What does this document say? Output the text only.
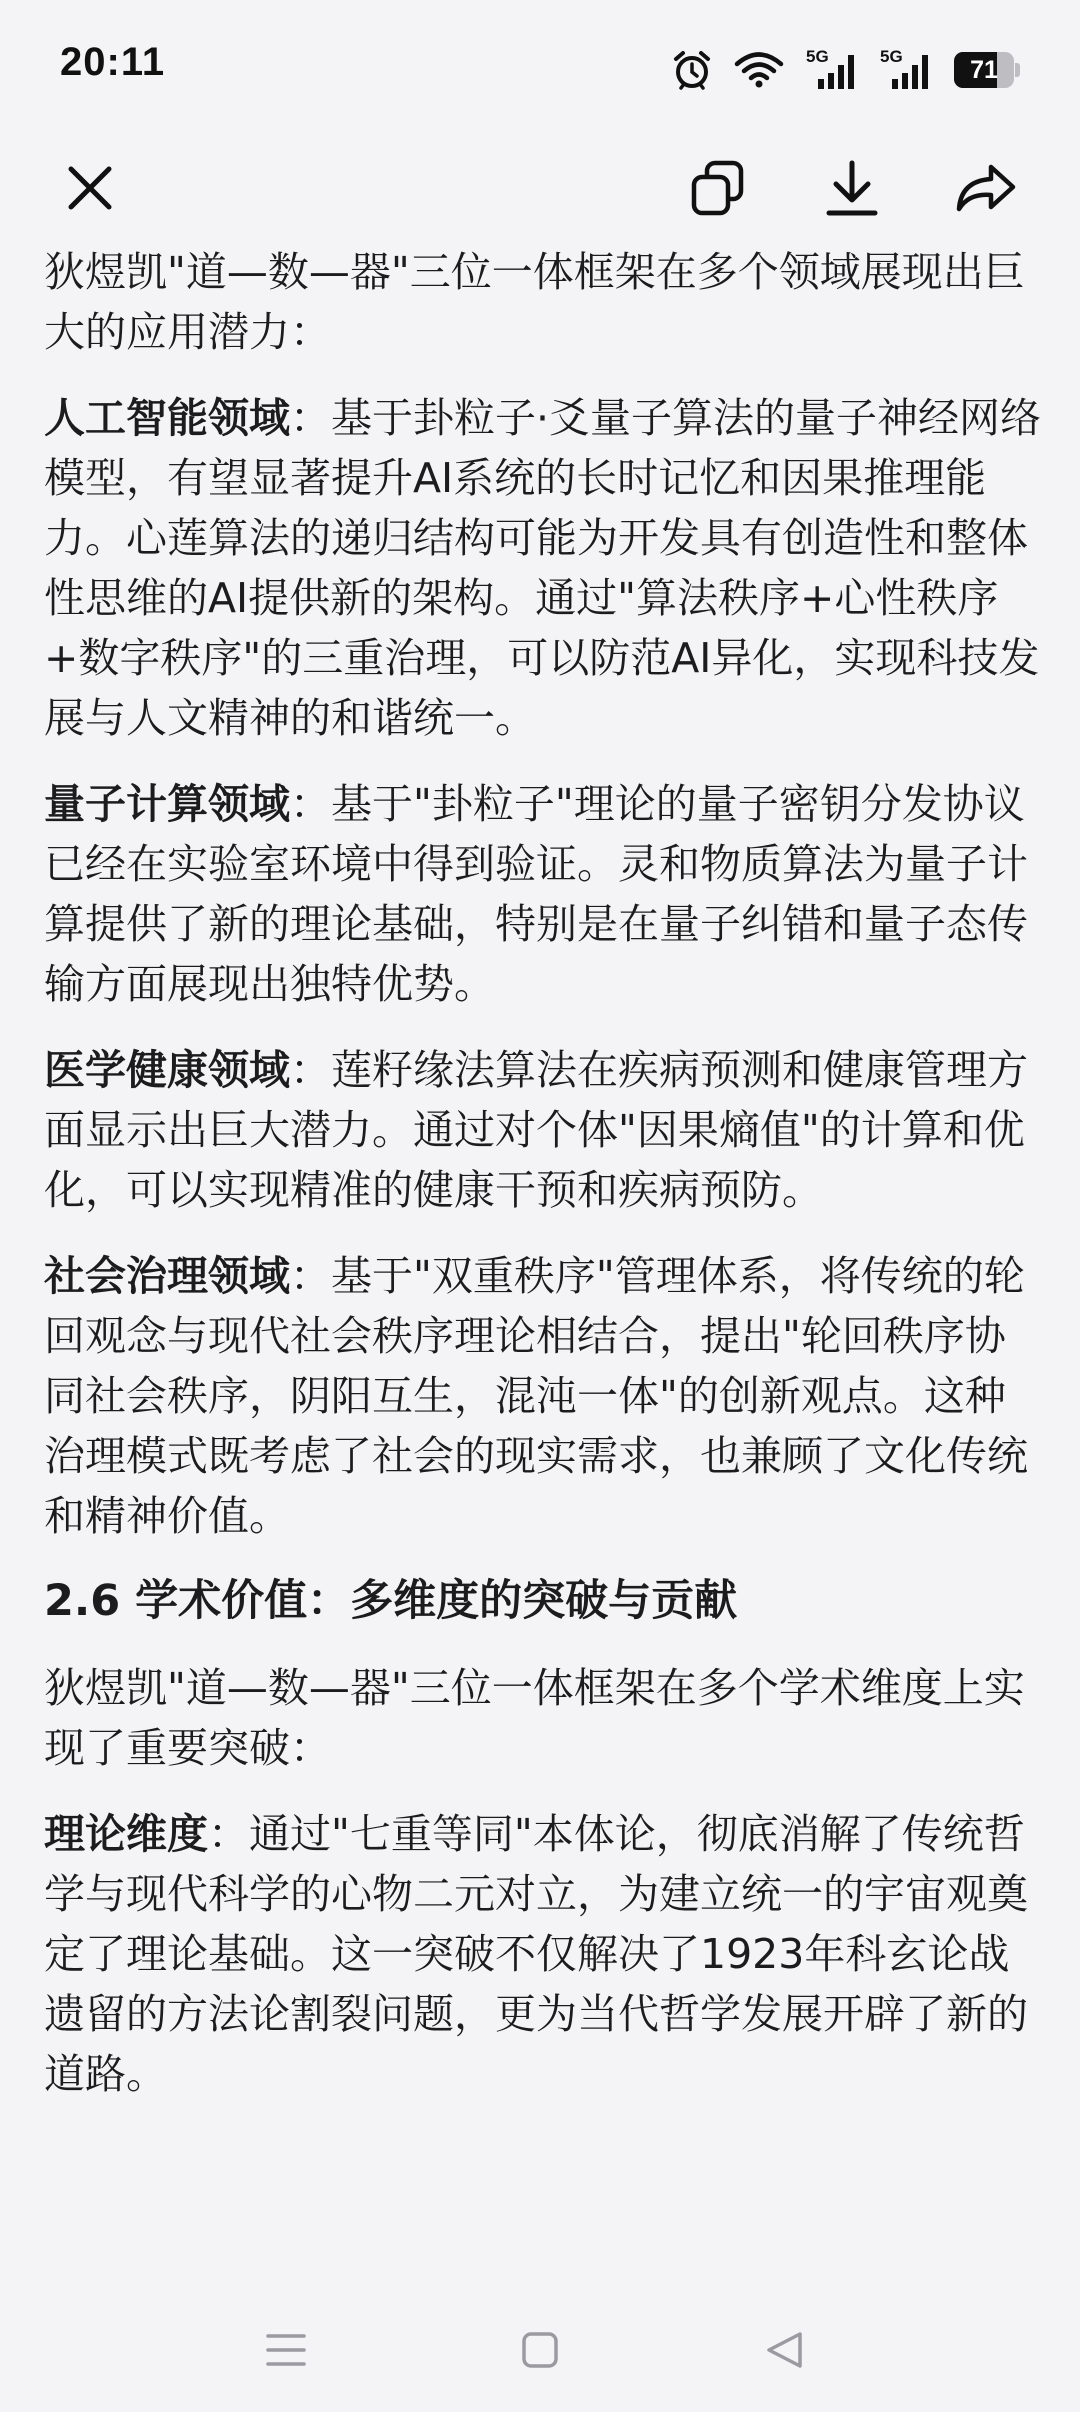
20:11	5G	5G	71

狄煜凯"道—数—器"三位一体框架在多个领域展现出巨大的应用潜力：

人工智能领域：基于卦粒子·爻量子算法的量子神经网络模型，有望显著提升AI系统的长时记忆和因果推理能力。心莲算法的递归结构可能为开发具有创造性和整体性思维的AI提供新的架构。通过"算法秩序+心性秩序+数字秩序"的三重治理，可以防范AI异化，实现科技发展与人文精神的和谐统一。

量子计算领域：基于"卦粒子"理论的量子密钥分发协议已经在实验室环境中得到验证。灵和物质算法为量子计算提供了新的理论基础，特别是在量子纠错和量子态传输方面展现出独特优势。

医学健康领域：莲籽缘法算法在疾病预测和健康管理方面显示出巨大潜力。通过对个体"因果熵值"的计算和优化，可以实现精准的健康干预和疾病预防。

社会治理领域：基于"双重秩序"管理体系，将传统的轮回观念与现代社会秩序理论相结合，提出"轮回秩序协同社会秩序，阴阳互生，混沌一体"的创新观点。这种治理模式既考虑了社会的现实需求，也兼顾了文化传统和精神价值。

2.6 学术价值：多维度的突破与贡献

狄煜凯"道—数—器"三位一体框架在多个学术维度上实现了重要突破：

理论维度：通过"七重等同"本体论，彻底消解了传统哲学与现代科学的心物二元对立，为建立统一的宇宙观奠定了理论基础。这一突破不仅解决了1923年科玄论战遗留的方法论割裂问题，更为当代哲学发展开辟了新的道路。
